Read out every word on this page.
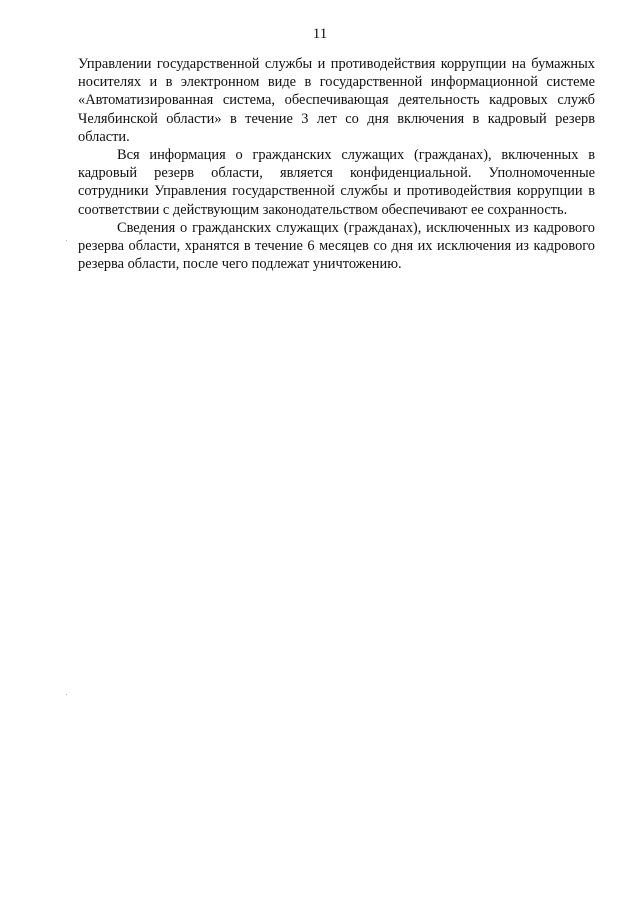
11

Управлении государственной службы и противодействия коррупции на бумажных носителях и в электронном виде в государственной информационной системе «Автоматизированная система, обеспечивающая деятельность кадровых служб Челябинской области» в течение 3 лет со дня включения в кадровый резерв области.

Вся информация о гражданских служащих (гражданах), включенных в кадровый резерв области, является конфиденциальной. Уполномоченные сотрудники Управления государственной службы и противодействия коррупции в соответствии с действующим законодательством обеспечивают ее сохранность.

Сведения о гражданских служащих (гражданах), исключенных из кадрового резерва области, хранятся в течение 6 месяцев со дня их исключения из кадрового резерва области, после чего подлежат уничтожению.
